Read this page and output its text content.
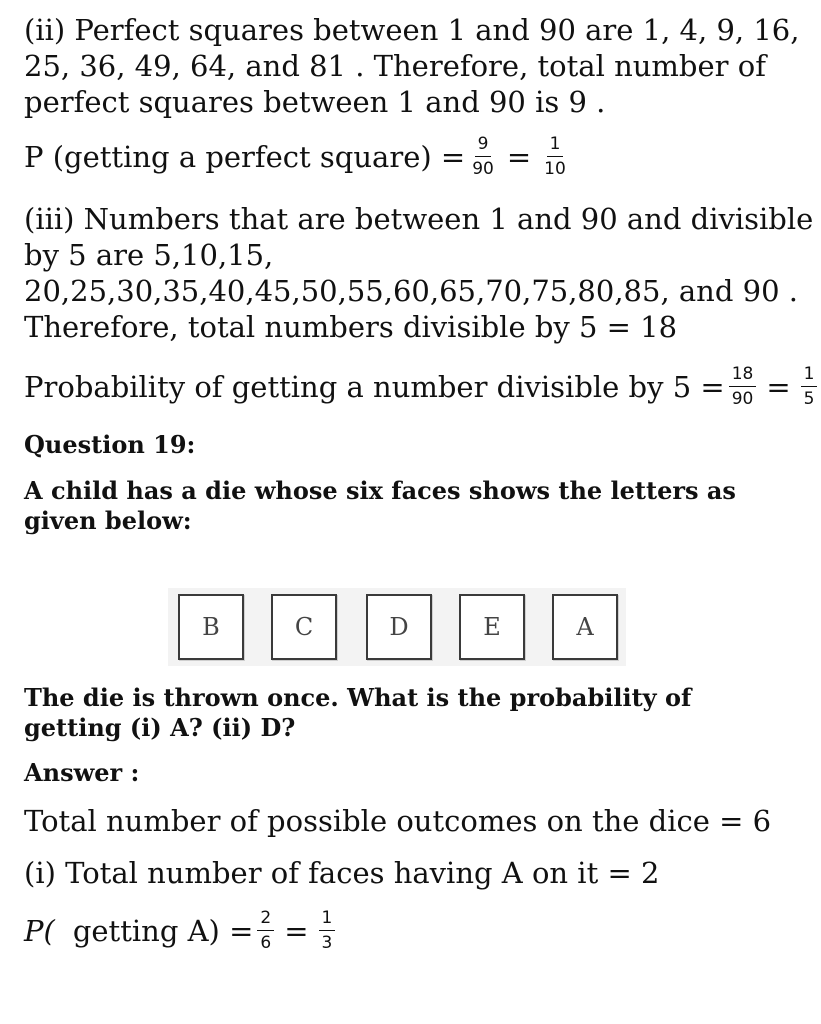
(ii) Perfect squares between 1 and 90 are 1, 4, 9, 16,
25, 36, 49, 64, and 81 . Therefore, total number of
perfect squares between 1 and 90 is 9 .
P (getting a perfect square) = $\frac{9}{90} = \frac{1}{10}$
(iii) Numbers that are between 1 and 90 and divisible
by 5 are 5,10,15,
20,25,30,35,40,45,50,55,60,65,70,75,80,85, and 90 .
Therefore, total numbers divisible by 5 = 18
Probability of getting a number divisible by $5 = \frac{18}{90} = \frac{1}{5}$
Question 19:
A child has a die whose six faces shows the letters as
given below:
B	C	D	E	A
The die is thrown once. What is the probability of
getting (i) A? (ii) D?
Answer :
Total number of possible outcomes on the dice = 6
(i) Total number of faces having A on it = 2
P( getting $A) = \frac{2}{6} = \frac{1}{3}$
